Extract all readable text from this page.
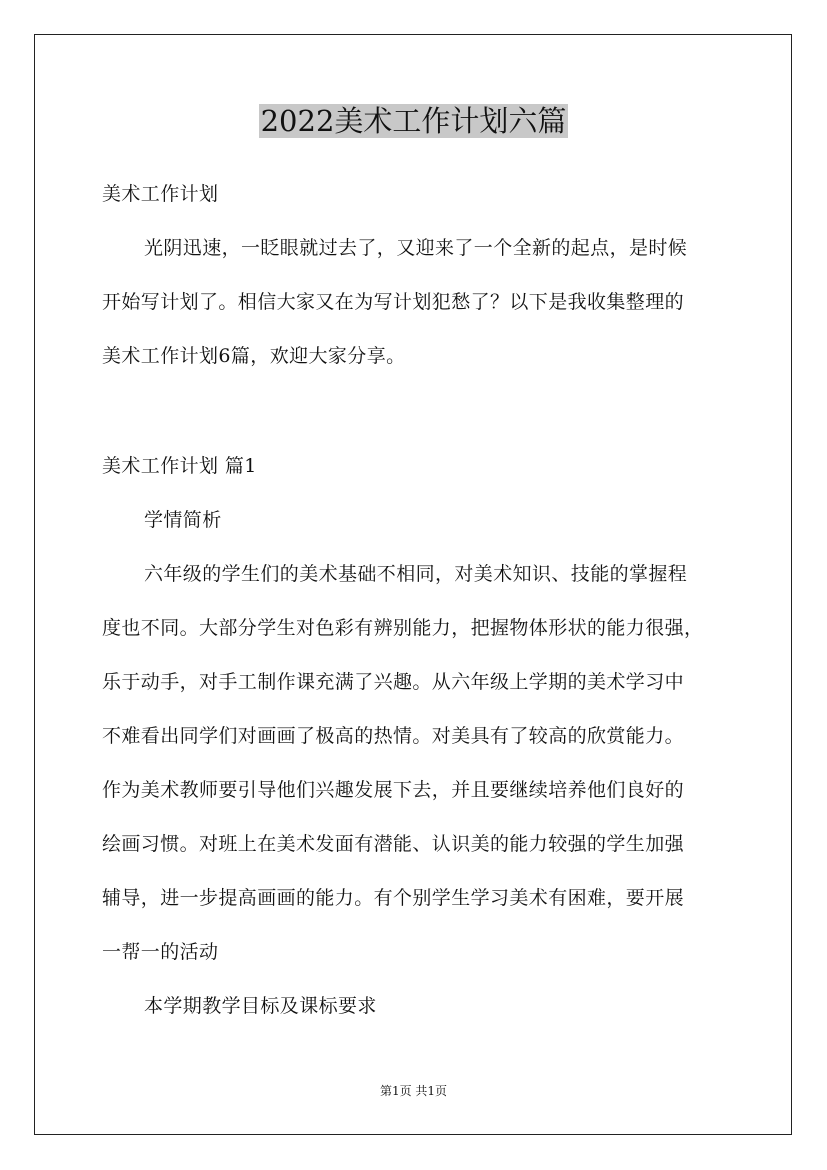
2022美术工作计划六篇
美术工作计划
光阴迅速，一眨眼就过去了，又迎来了一个全新的起点，是时候
开始写计划了。相信大家又在为写计划犯愁了？以下是我收集整理的
美术工作计划6篇，欢迎大家分享。
美术工作计划 篇1
学情简析
六年级的学生们的美术基础不相同，对美术知识、技能的掌握程
度也不同。大部分学生对色彩有辨别能力，把握物体形状的能力很强，
乐于动手，对手工制作课充满了兴趣。从六年级上学期的美术学习中
不难看出同学们对画画了极高的热情。对美具有了较高的欣赏能力。
作为美术教师要引导他们兴趣发展下去，并且要继续培养他们良好的
绘画习惯。对班上在美术发面有潜能、认识美的能力较强的学生加强
辅导，进一步提高画画的能力。有个别学生学习美术有困难，要开展
一帮一的活动
本学期教学目标及课标要求
第1页 共1页
